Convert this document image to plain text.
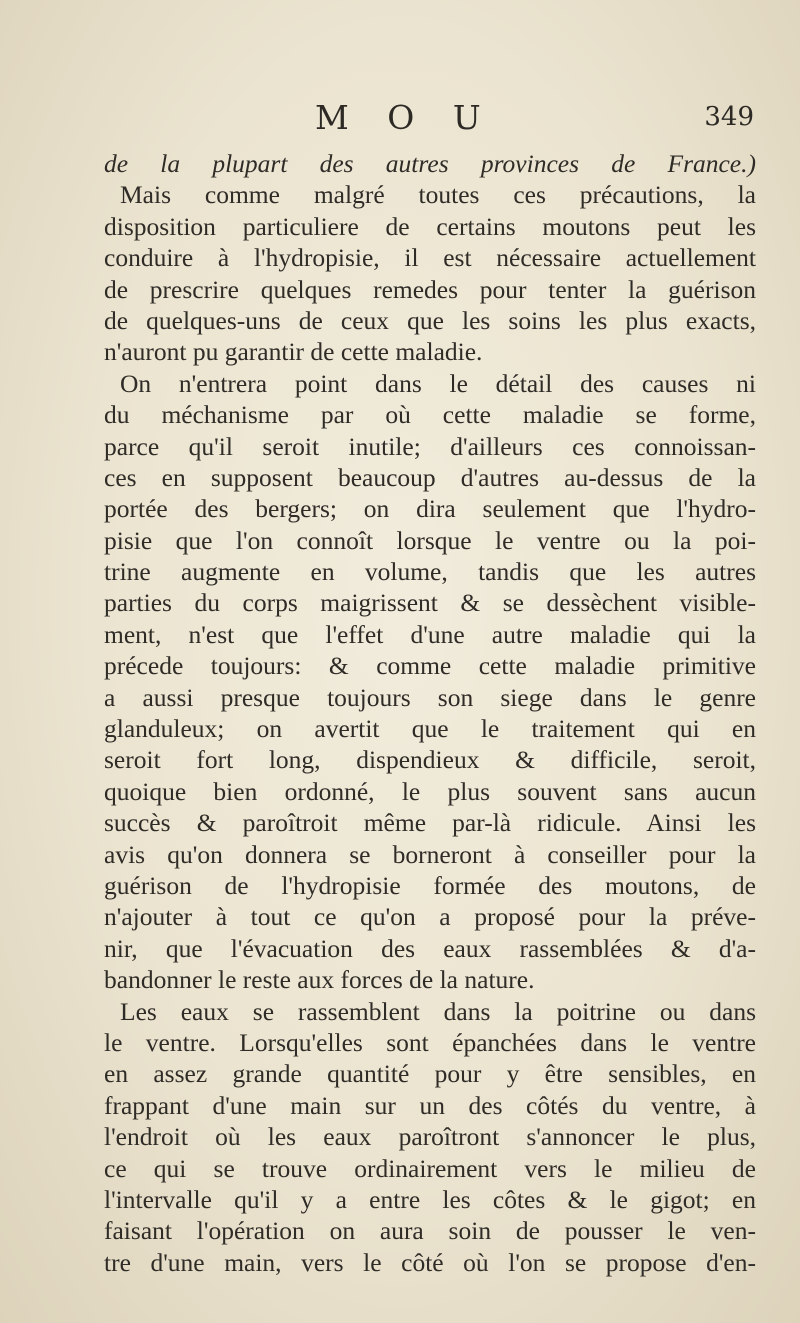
M O U	349
de la plupart des autres provinces de France.)
Mais comme malgré toutes ces précautions, la
disposition particuliere de certains moutons peut les
conduire à l'hydropisie, il est nécessaire actuellement
de prescrire quelques remedes pour tenter la guérison
de quelques-uns de ceux que les soins les plus exacts,
n'auront pu garantir de cette maladie.
On n'entrera point dans le détail des causes ni
du méchanisme par où cette maladie se forme,
parce qu'il seroit inutile; d'ailleurs ces connoissan-
ces en supposent beaucoup d'autres au-dessus de la
portée des bergers; on dira seulement que l'hydro-
pisie que l'on connoît lorsque le ventre ou la poi-
trine augmente en volume, tandis que les autres
parties du corps maigrissent & se dessèchent visible-
ment, n'est que l'effet d'une autre maladie qui la
précede toujours: & comme cette maladie primitive
a aussi presque toujours son siege dans le genre
glanduleux; on avertit que le traitement qui en
seroit fort long, dispendieux & difficile, seroit,
quoique bien ordonné, le plus souvent sans aucun
succès & paroîtroit même par-là ridicule. Ainsi les
avis qu'on donnera se borneront à conseiller pour la
guérison de l'hydropisie formée des moutons, de
n'ajouter à tout ce qu'on a proposé pour la préve-
nir, que l'évacuation des eaux rassemblées & d'a-
bandonner le reste aux forces de la nature.
Les eaux se rassemblent dans la poitrine ou dans
le ventre. Lorsqu'elles sont épanchées dans le ventre
en assez grande quantité pour y être sensibles, en
frappant d'une main sur un des côtés du ventre, à
l'endroit où les eaux paroîtront s'annoncer le plus,
ce qui se trouve ordinairement vers le milieu de
l'intervalle qu'il y a entre les côtes & le gigot; en
faisant l'opération on aura soin de pousser le ven-
tre d'une main, vers le côté où l'on se propose d'en-
